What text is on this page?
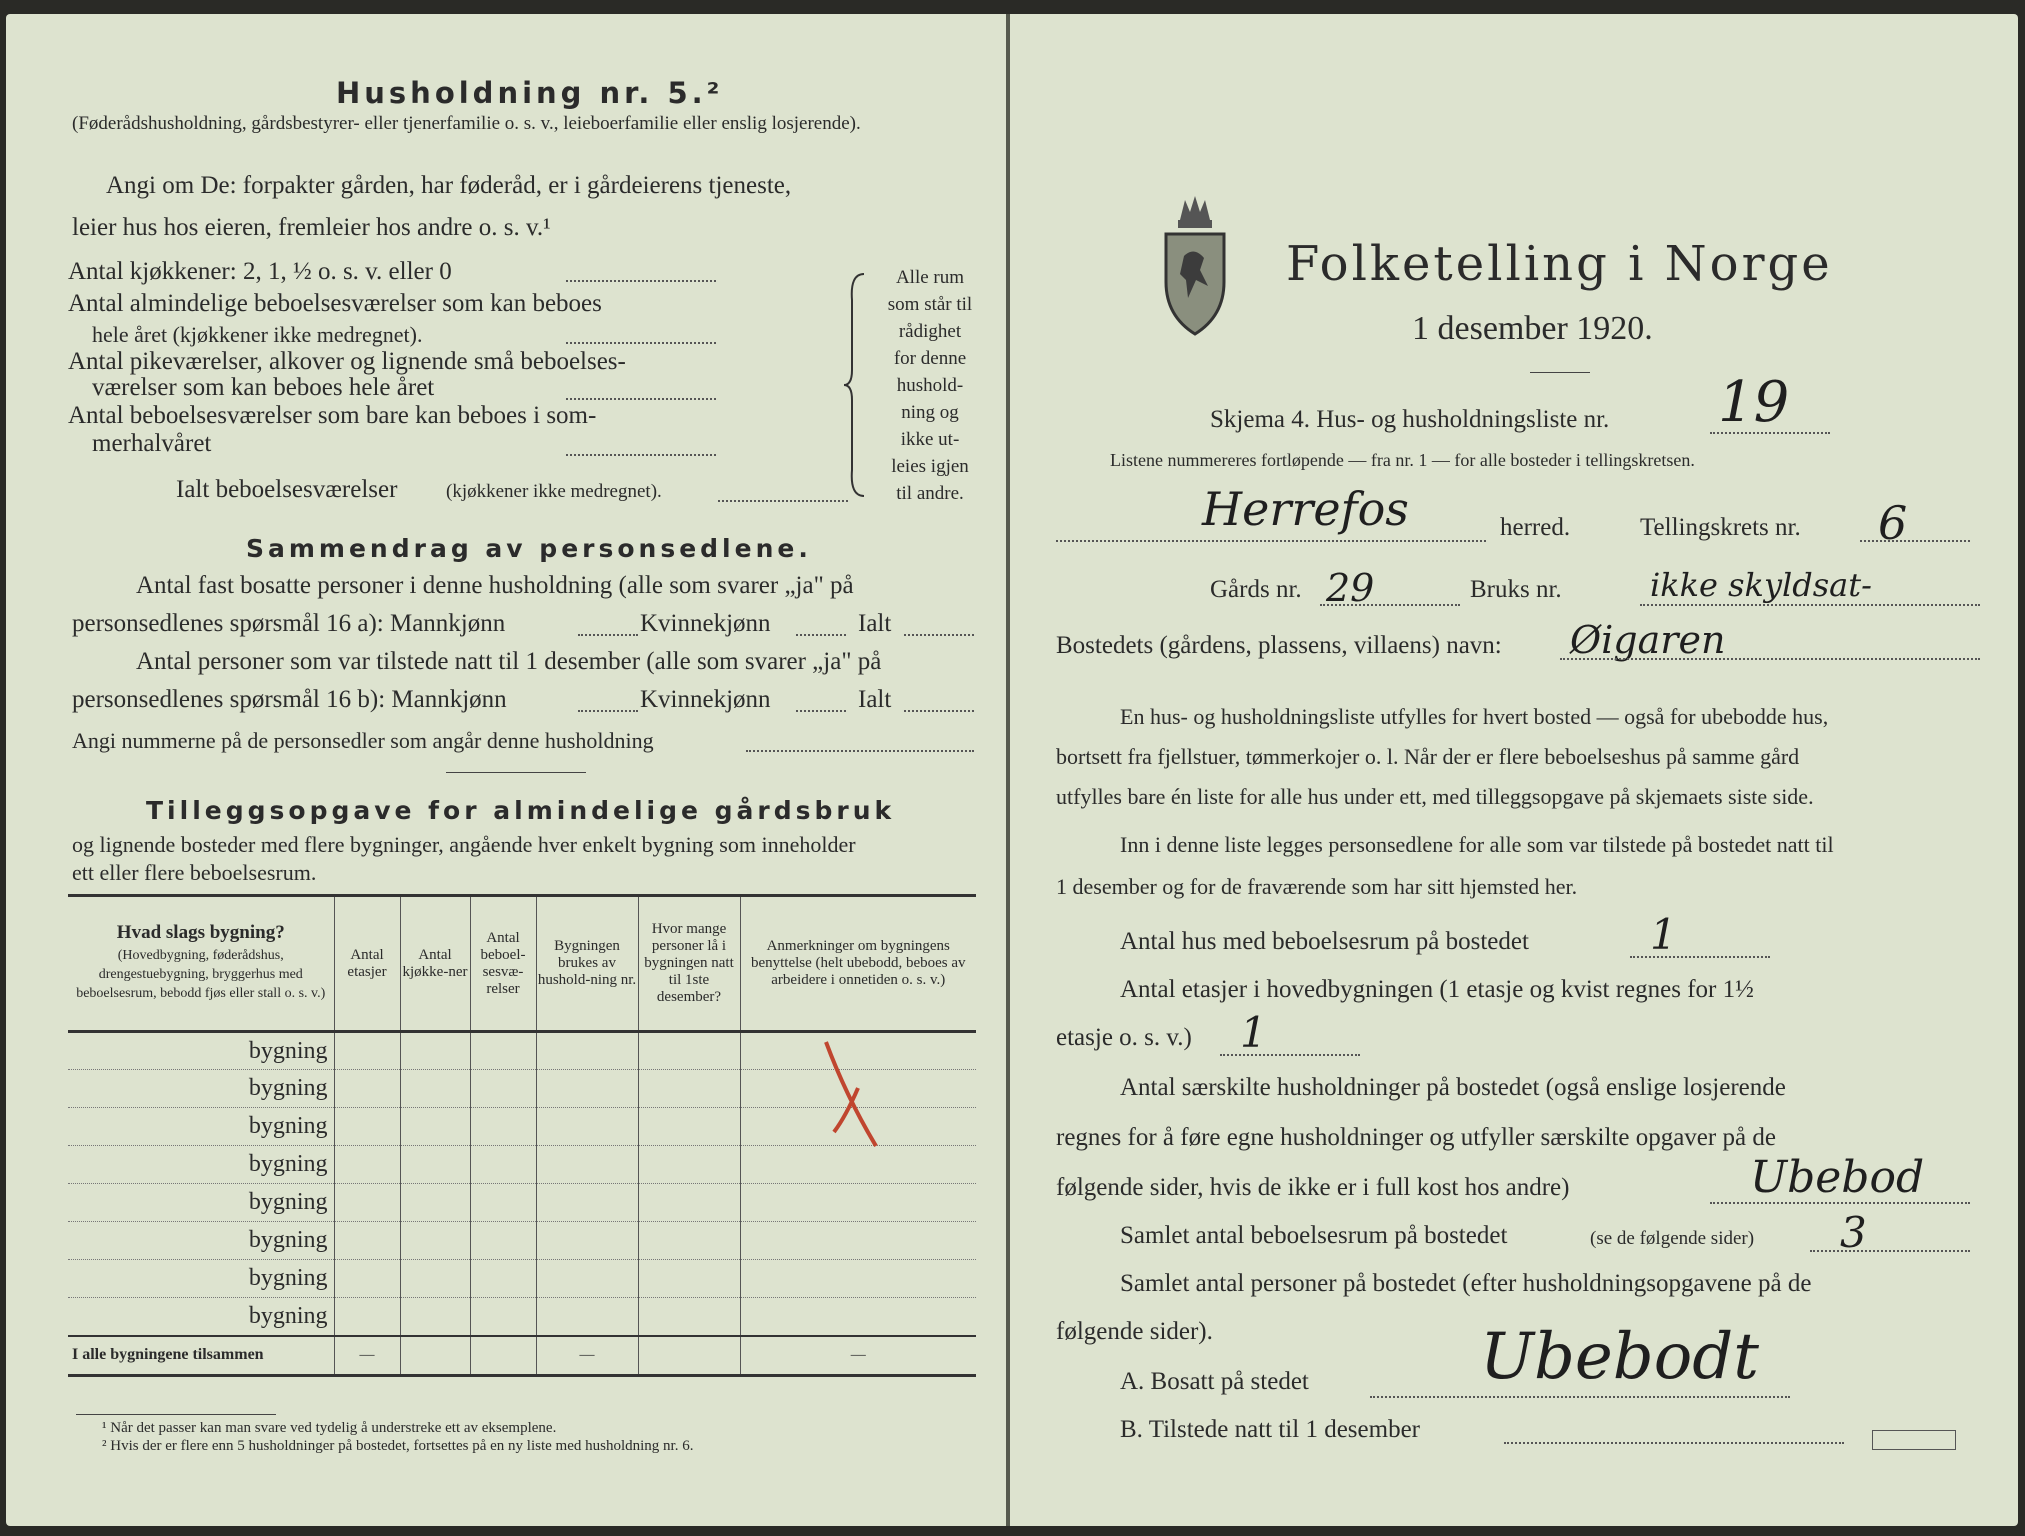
Husholdning nr. 5.²
(Føderådshusholdning, gårdsbestyrer- eller tjenerfamilie o. s. v., leieboerfamilie eller enslig losjerende).
Angi om De: forpakter gården, har føderåd, er i gårdeierens tjeneste,
leier hus hos eieren, fremleier hos andre o. s. v.¹
Antal kjøkkener: 2, 1, ½ o. s. v. eller 0
Antal almindelige beboelsesværelser som kan beboes
hele året (kjøkkener ikke medregnet).
Antal pikeværelser, alkover og lignende små beboelses-
værelser som kan beboes hele året
Antal beboelsesværelser som bare kan beboes i som-
merhalvåret
Ialt beboelsesværelser	(kjøkkener ikke medregnet).
Alle rum
som står til
rådighet
for denne
hushold-
ning og
ikke ut-
leies igjen
til andre.
Sammendrag av personsedlene.
Antal fast bosatte personer i denne husholdning (alle som svarer „ja" på
personsedlenes spørsmål 16 a): Mannkjønn	Kvinnekjønn	Ialt
Antal personer som var tilstede natt til 1 desember (alle som svarer „ja" på
personsedlenes spørsmål 16 b): Mannkjønn	Kvinnekjønn	Ialt
Angi nummerne på de personsedler som angår denne husholdning
Tilleggsopgave for almindelige gårdsbruk
og lignende bosteder med flere bygninger, angående hver enkelt bygning som inneholder
ett eller flere beboelsesrum.
Hvad slags bygning?
(Hovedbygning, føderådshus, drengestuebygning, bryggerhus med beboelsesrum, bebodd fjøs eller stall o. s. v.)	Antal etasjer	Antal kjøkke-ner	Antal beboel-sesvæ-relser	Bygningen brukes av hushold-ning nr.	Hvor mange personer lå i bygningen natt til 1ste desember?	Anmerkninger om bygningens benyttelse (helt ubebodd, beboes av arbeidere i onnetiden o. s. v.)
bygning						
bygning						
bygning						
bygning						
bygning						
bygning						
bygning						
bygning						
I alle bygningene tilsammen	—			—		—
¹ Når det passer kan man svare ved tydelig å understreke ett av eksemplene.
² Hvis der er flere enn 5 husholdninger på bostedet, fortsettes på en ny liste med husholdning nr. 6.
Folketelling i Norge
1 desember 1920.
Skjema 4. Hus- og husholdningsliste nr. 19
Listene nummereres fortløpende — fra nr. 1 — for alle bosteder i tellingskretsen.
Herrefos	herred.	Tellingskrets nr. 6
Gårds nr. 29	Bruks nr.	ikke skyldsat-
Bostedets (gårdens, plassens, villaens) navn: Øigaren
En hus- og husholdningsliste utfylles for hvert bosted — også for ubebodde hus,
bortsett fra fjellstuer, tømmerkojer o. l. Når der er flere beboelseshus på samme gård
utfylles bare én liste for alle hus under ett, med tilleggsopgave på skjemaets siste side.
Inn i denne liste legges personsedlene for alle som var tilstede på bostedet natt til
1 desember og for de fraværende som har sitt hjemsted her.
Antal hus med beboelsesrum på bostedet	1
Antal etasjer i hovedbygningen (1 etasje og kvist regnes for 1½
etasje o. s. v.) 1
Antal særskilte husholdninger på bostedet (også enslige losjerende
regnes for å føre egne husholdninger og utfyller særskilte opgaver på de
følgende sider, hvis de ikke er i full kost hos andre)	Ubebod
Samlet antal beboelsesrum på bostedet	(se de følgende sider) 3
Samlet antal personer på bostedet (efter husholdningsopgavene på de
følgende sider).
A. Bosatt på stedet	Ubebodt
B. Tilstede natt til 1 desember
